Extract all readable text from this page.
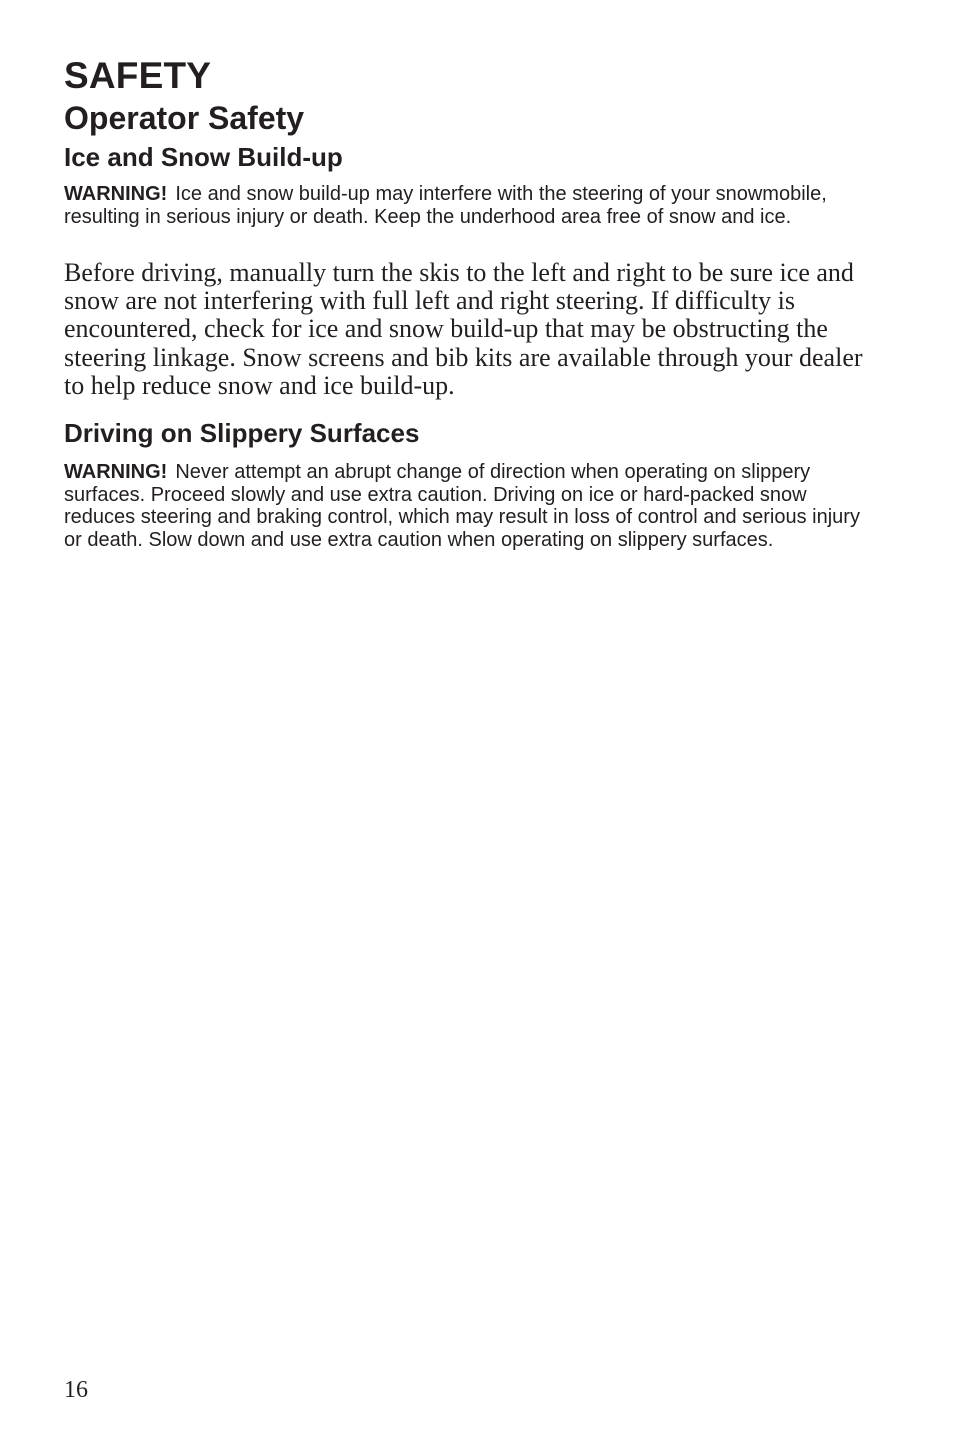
SAFETY
Operator Safety
Ice and Snow Build-up

WARNING! Ice and snow build-up may interfere with the steering of your snowmobile, resulting in serious injury or death. Keep the underhood area free of snow and ice.

Before driving, manually turn the skis to the left and right to be sure ice and snow are not interfering with full left and right steering. If difficulty is encountered, check for ice and snow build-up that may be obstructing the steering linkage. Snow screens and bib kits are available through your dealer to help reduce snow and ice build-up.

Driving on Slippery Surfaces

WARNING! Never attempt an abrupt change of direction when operating on slippery surfaces. Proceed slowly and use extra caution. Driving on ice or hard-packed snow reduces steering and braking control, which may result in loss of control and serious injury or death. Slow down and use extra caution when operating on slippery surfaces.

16
